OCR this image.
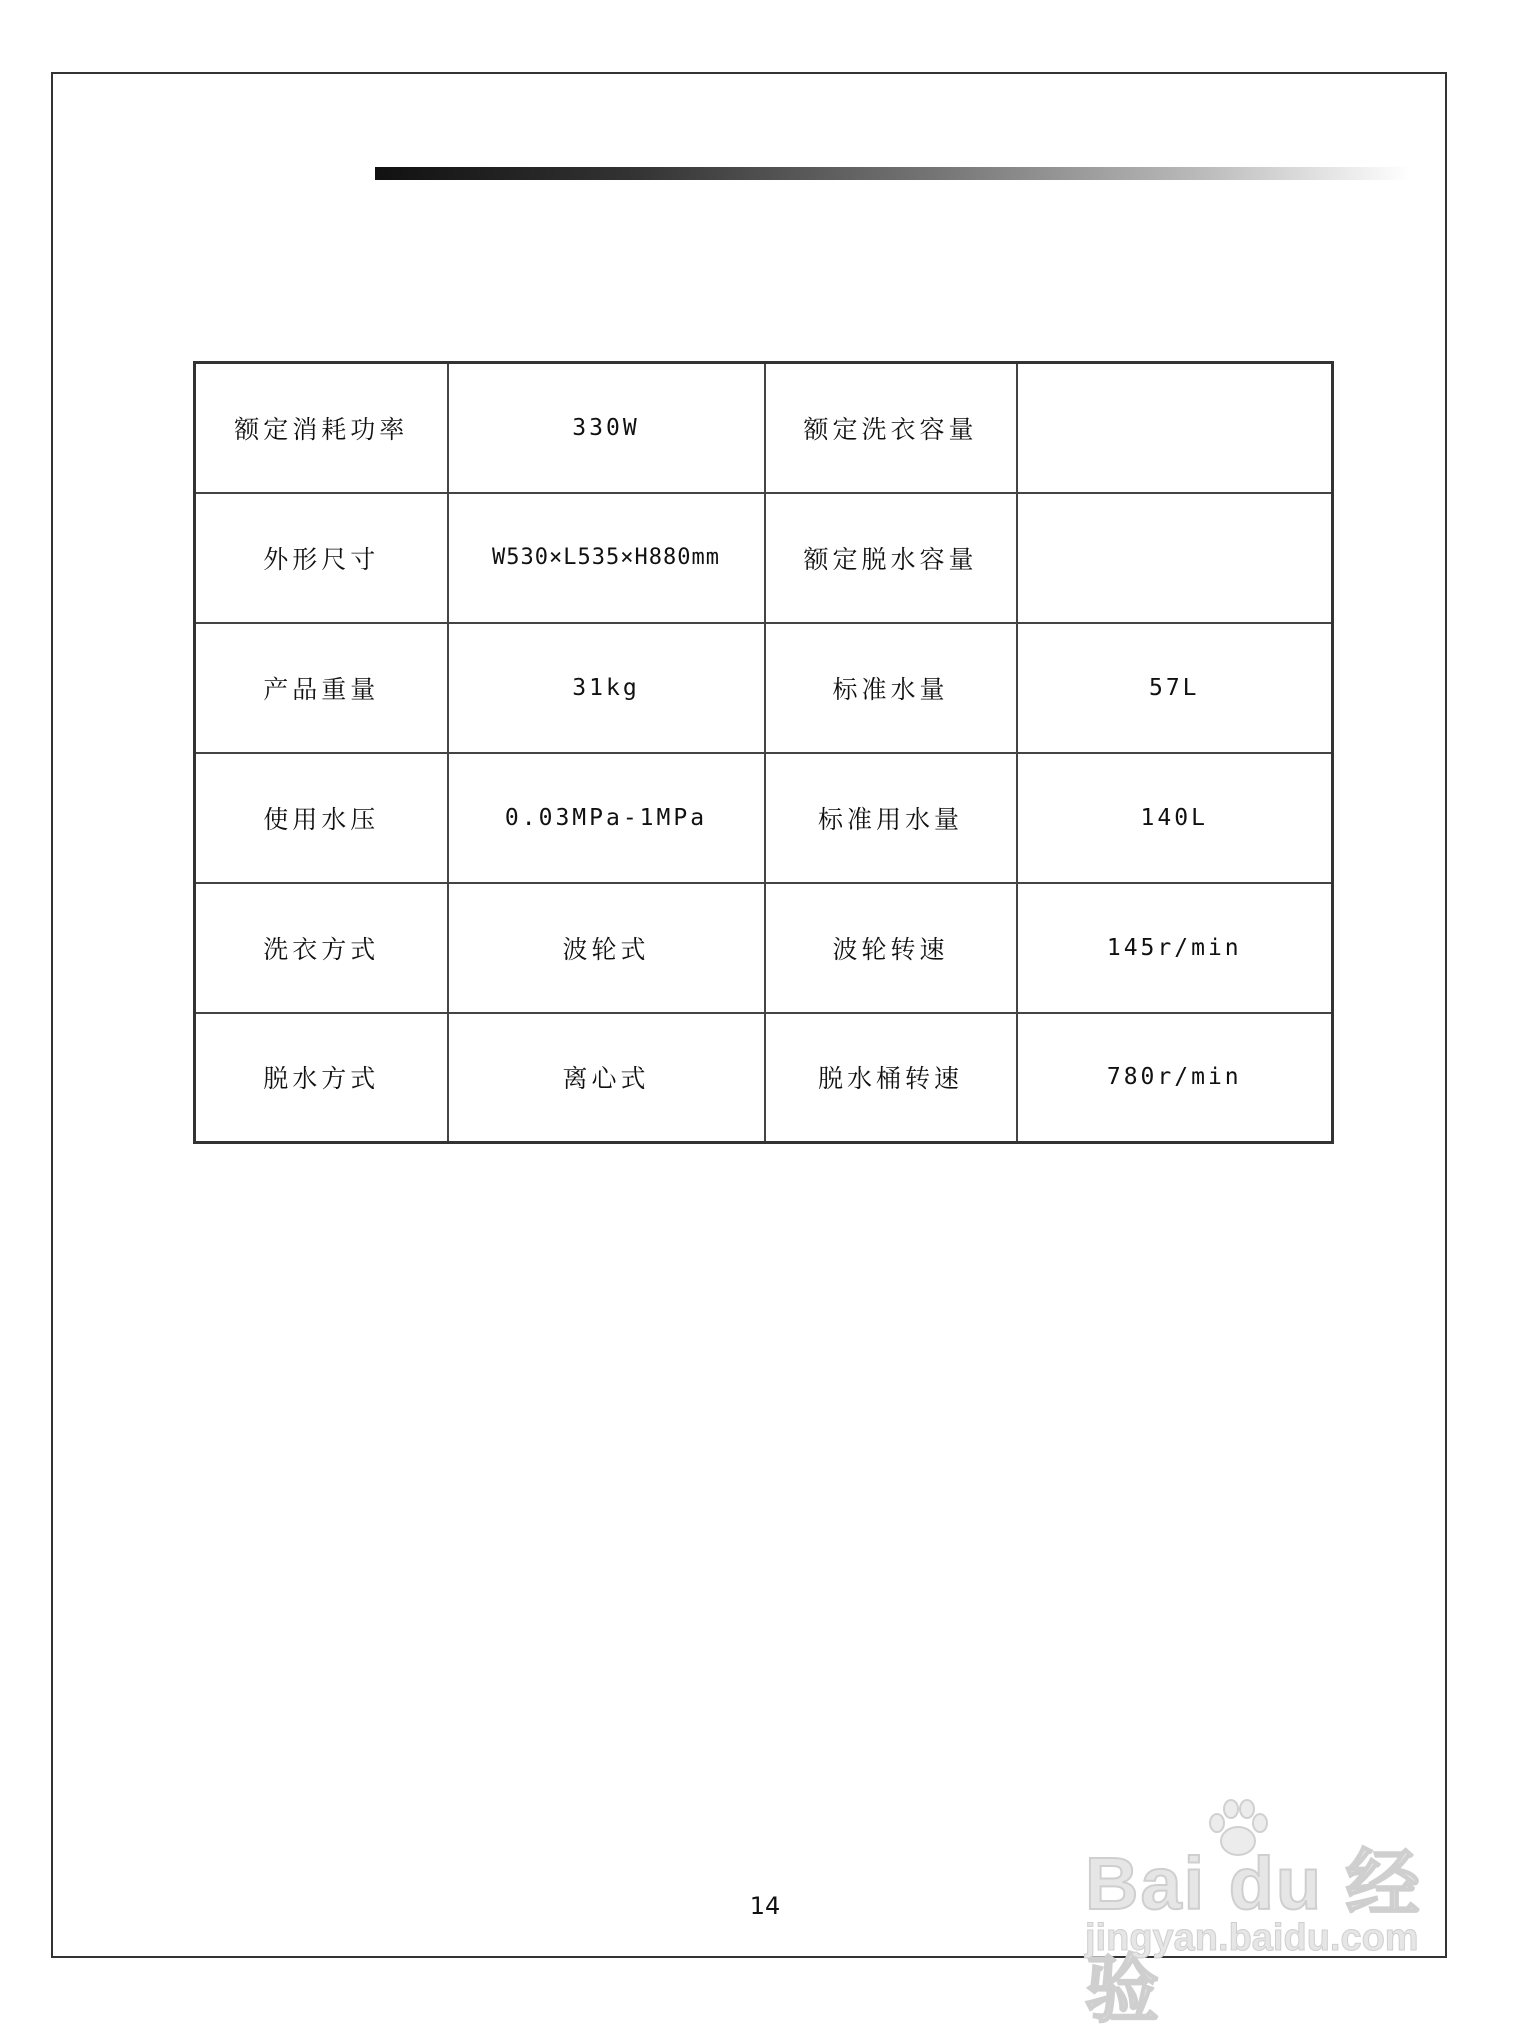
额定消耗功率	330W	额定洗衣容量	
外形尺寸	W530×L535×H880mm	额定脱水容量	
产品重量	31kg	标准水量	57L
使用水压	0.03MPa-1MPa	标准用水量	140L
洗衣方式	波轮式	波轮转速	145r/min
脱水方式	离心式	脱水桶转速	780r/min
14	Bai du 经验
jingyan.baidu.com
